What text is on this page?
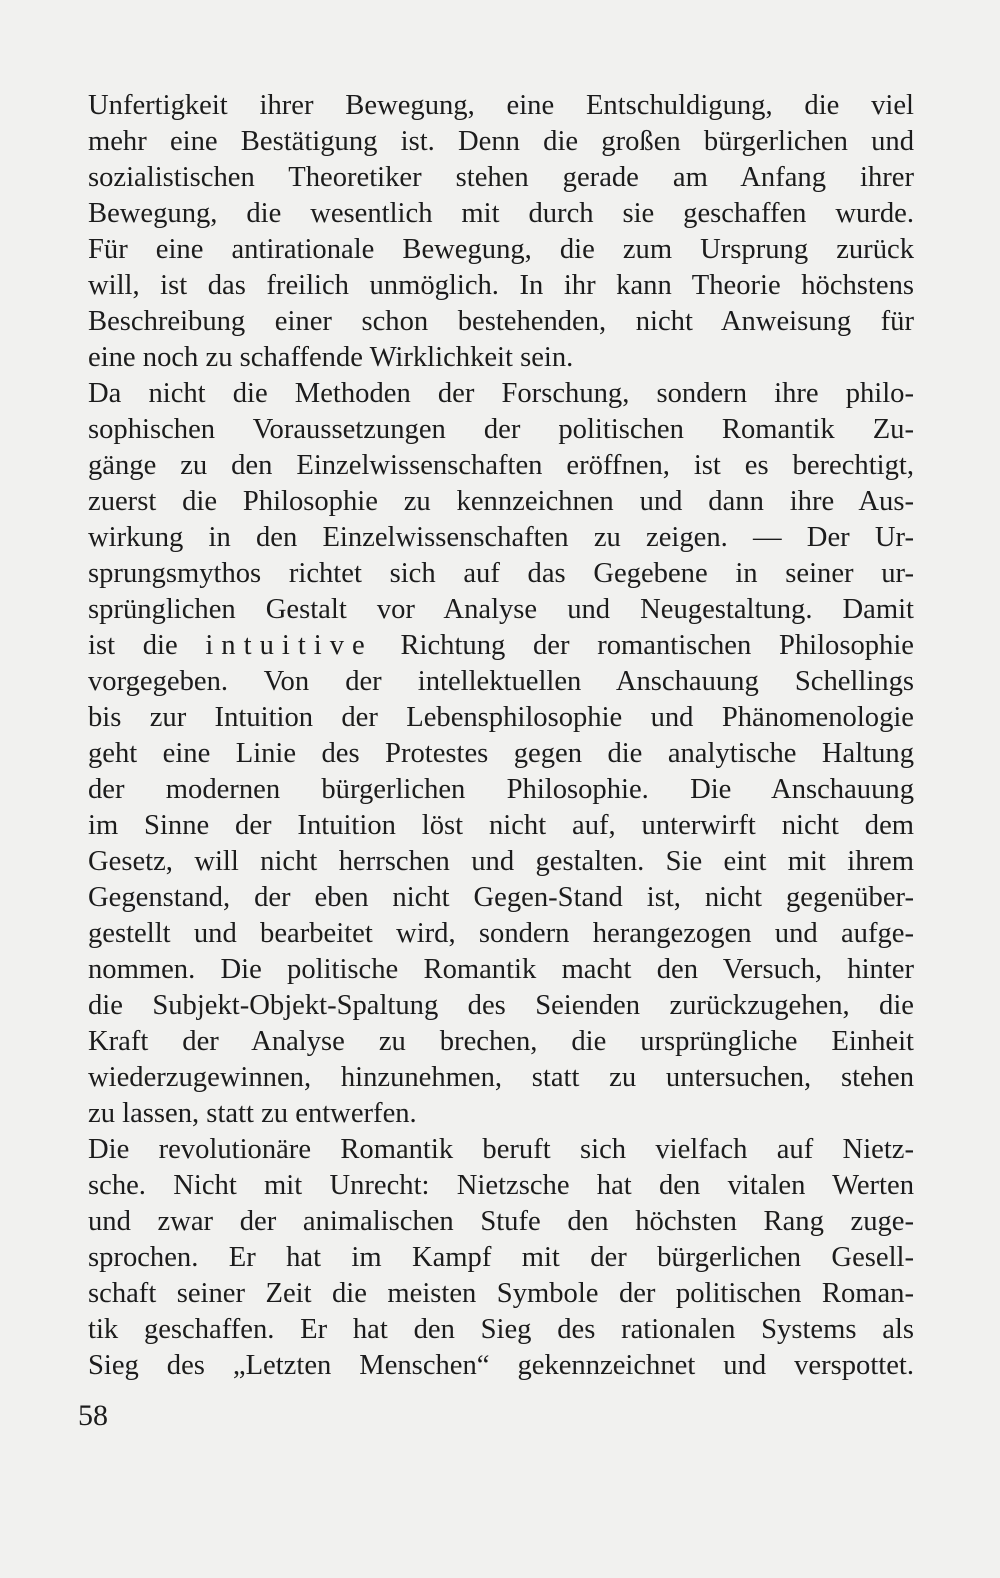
Unfertigkeit ihrer Bewegung, eine Entschuldigung, die viel
mehr eine Bestätigung ist. Denn die großen bürgerlichen und
sozialistischen Theoretiker stehen gerade am Anfang ihrer
Bewegung, die wesentlich mit durch sie geschaffen wurde.
Für eine antirationale Bewegung, die zum Ursprung zurück
will, ist das freilich unmöglich. In ihr kann Theorie höchstens
Beschreibung einer schon bestehenden, nicht Anweisung für
eine noch zu schaffende Wirklichkeit sein.
Da nicht die Methoden der Forschung, sondern ihre philo-
sophischen Voraussetzungen der politischen Romantik Zu-
gänge zu den Einzelwissenschaften eröffnen, ist es berechtigt,
zuerst die Philosophie zu kennzeichnen und dann ihre Aus-
wirkung in den Einzelwissenschaften zu zeigen. — Der Ur-
sprungsmythos richtet sich auf das Gegebene in seiner ur-
sprünglichen Gestalt vor Analyse und Neugestaltung. Damit
ist die intuitive Richtung der romantischen Philosophie
vorgegeben. Von der intellektuellen Anschauung Schellings
bis zur Intuition der Lebensphilosophie und Phänomenologie
geht eine Linie des Protestes gegen die analytische Haltung
der modernen bürgerlichen Philosophie. Die Anschauung
im Sinne der Intuition löst nicht auf, unterwirft nicht dem
Gesetz, will nicht herrschen und gestalten. Sie eint mit ihrem
Gegenstand, der eben nicht Gegen-Stand ist, nicht gegenüber-
gestellt und bearbeitet wird, sondern herangezogen und aufge-
nommen. Die politische Romantik macht den Versuch, hinter
die Subjekt-Objekt-Spaltung des Seienden zurückzugehen, die
Kraft der Analyse zu brechen, die ursprüngliche Einheit
wiederzugewinnen, hinzunehmen, statt zu untersuchen, stehen
zu lassen, statt zu entwerfen.
Die revolutionäre Romantik beruft sich vielfach auf Nietz-
sche. Nicht mit Unrecht: Nietzsche hat den vitalen Werten
und zwar der animalischen Stufe den höchsten Rang zuge-
sprochen. Er hat im Kampf mit der bürgerlichen Gesell-
schaft seiner Zeit die meisten Symbole der politischen Roman-
tik geschaffen. Er hat den Sieg des rationalen Systems als
Sieg des „Letzten Menschen“ gekennzeichnet und verspottet.
58
